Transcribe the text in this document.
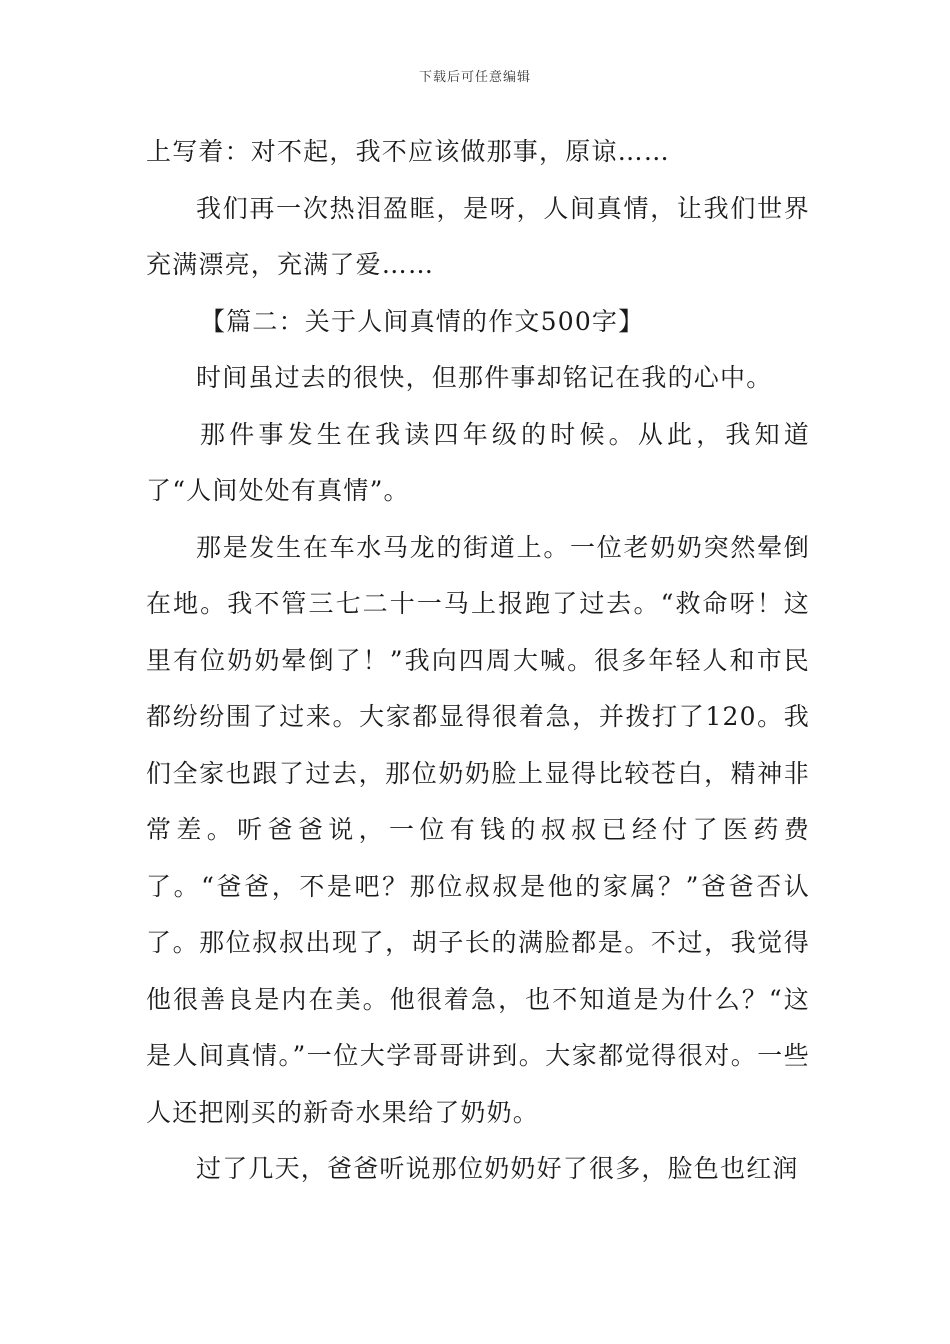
下载后可任意编辑

上写着：对不起，我不应该做那事，原谅……

我们再一次热泪盈眶，是呀，人间真情，让我们世界充满漂亮，充满了爱……

【篇二：关于人间真情的作文500字】

时间虽过去的很快，但那件事却铭记在我的心中。

那件事发生在我读四年级的时候。从此，我知道了“人间处处有真情”。

那是发生在车水马龙的街道上。一位老奶奶突然晕倒在地。我不管三七二十一马上报跑了过去。“救命呀！这里有位奶奶晕倒了！”我向四周大喊。很多年轻人和市民都纷纷围了过来。大家都显得很着急，并拨打了120。我们全家也跟了过去，那位奶奶脸上显得比较苍白，精神非常差。听爸爸说，一位有钱的叔叔已经付了医药费了。“爸爸，不是吧？那位叔叔是他的家属？”爸爸否认了。那位叔叔出现了，胡子长的满脸都是。不过，我觉得他很善良是内在美。他很着急，也不知道是为什么？“这是人间真情。”一位大学哥哥讲到。大家都觉得很对。一些人还把刚买的新奇水果给了奶奶。

过了几天，爸爸听说那位奶奶好了很多，脸色也红润
